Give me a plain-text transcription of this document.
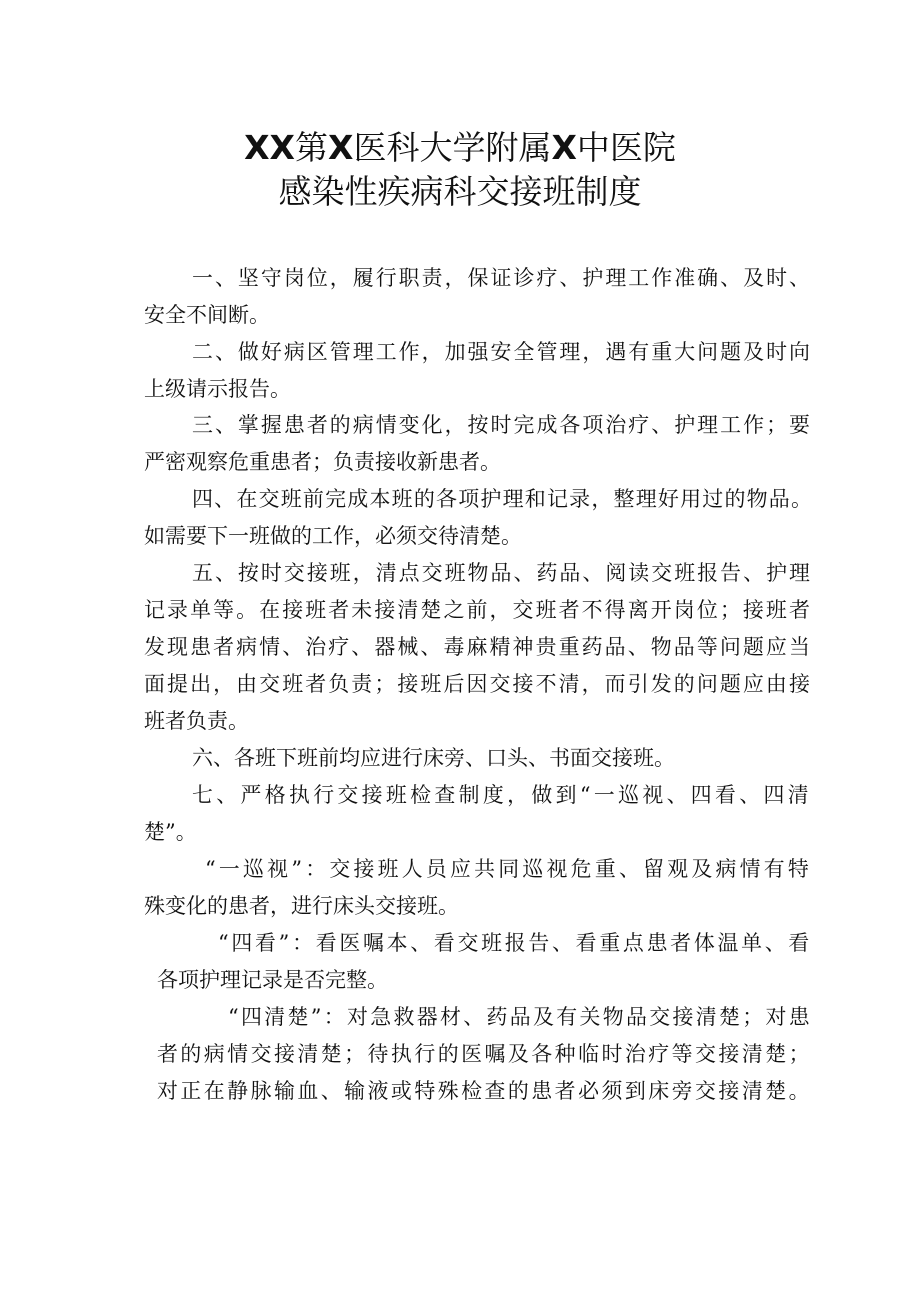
XX第X医科大学附属X中医院
感染性疾病科交接班制度
一、坚守岗位，履行职责，保证诊疗、护理工作准确、及时、
安全不间断。
二、做好病区管理工作，加强安全管理，遇有重大问题及时向
上级请示报告。
三、掌握患者的病情变化，按时完成各项治疗、护理工作；要
严密观察危重患者；负责接收新患者。
四、在交班前完成本班的各项护理和记录，整理好用过的物品。
如需要下一班做的工作，必须交待清楚。
五、按时交接班，清点交班物品、药品、阅读交班报告、护理
记录单等。在接班者未接清楚之前，交班者不得离开岗位；接班者
发现患者病情、治疗、器械、毒麻精神贵重药品、物品等问题应当
面提出，由交班者负责；接班后因交接不清，而引发的问题应由接
班者负责。
六、各班下班前均应进行床旁、口头、书面交接班。
七、严格执行交接班检查制度，做到“一巡视、四看、四清
楚”。
“一巡视”：交接班人员应共同巡视危重、留观及病情有特
殊变化的患者，进行床头交接班。
“四看”：看医嘱本、看交班报告、看重点患者体温单、看
各项护理记录是否完整。
“四清楚”：对急救器材、药品及有关物品交接清楚；对患
者的病情交接清楚；待执行的医嘱及各种临时治疗等交接清楚；
对正在静脉输血、输液或特殊检查的患者必须到床旁交接清楚。
